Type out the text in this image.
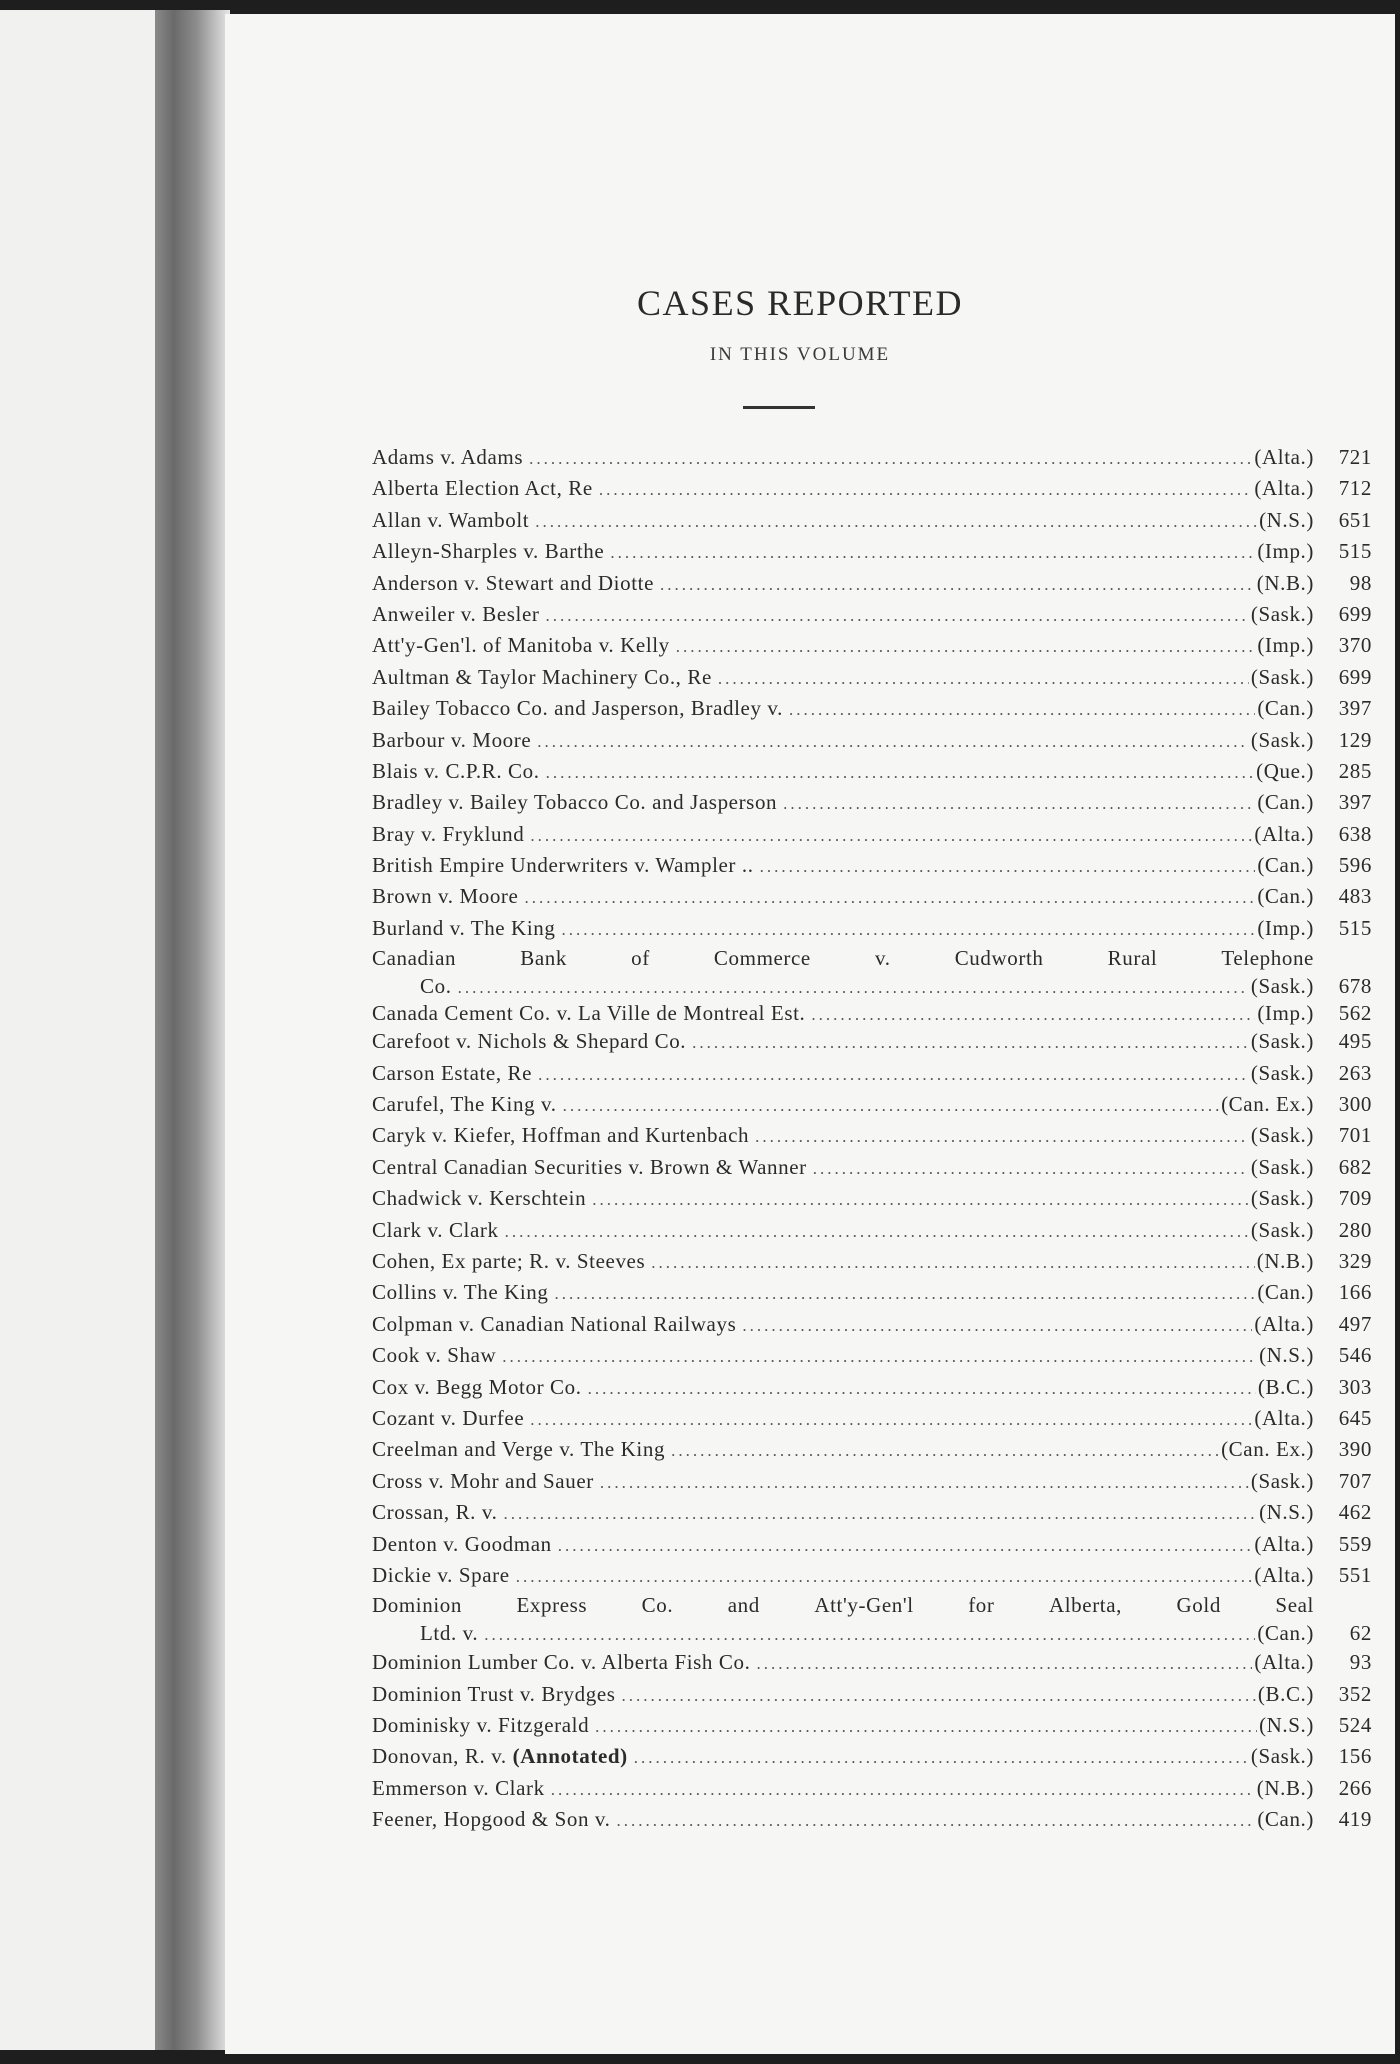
CASES REPORTED
IN THIS VOLUME
Adams v. Adams .....	(Alta.)	721
Alberta Election Act, Re .....	(Alta.)	712
Allan v. Wambolt .....	(N.S.)	651
Alleyn-Sharples v. Barthe .....	(Imp.)	515
Anderson v. Stewart and Diotte .....	(N.B.)	98
Anweiler v. Besler .....	(Sask.)	699
Att'y-Gen'l. of Manitoba v. Kelly .....	(Imp.)	370
Aultman & Taylor Machinery Co., Re .....	(Sask.)	699
Bailey Tobacco Co. and Jasperson, Bradley v. .....	(Can.)	397
Barbour v. Moore .....	(Sask.)	129
Blais v. C.P.R. Co. .....	(Que.)	285
Bradley v. Bailey Tobacco Co. and Jasperson .....	(Can.)	397
Bray v. Fryklund .....	(Alta.)	638
British Empire Underwriters v. Wampler .. .....	(Can.)	596
Brown v. Moore .....	(Can.)	483
Burland v. The King .....	(Imp.)	515
Canadian	Bank	of	Commerce	v.	Cudworth	Rural	Telephone
Co. .....	(Sask.)	678
Canada Cement Co. v. La Ville de Montreal Est. .....	(Imp.)	562
Carefoot v. Nichols & Shepard Co. .....	(Sask.)	495
Carson Estate, Re .....	(Sask.)	263
Carufel, The King v. .....	(Can. Ex.)	300
Caryk v. Kiefer, Hoffman and Kurtenbach .....	(Sask.)	701
Central Canadian Securities v. Brown & Wanner .....	(Sask.)	682
Chadwick v. Kerschtein .....	(Sask.)	709
Clark v. Clark .....	(Sask.)	280
Cohen, Ex parte; R. v. Steeves .....	(N.B.)	329
Collins v. The King .....	(Can.)	166
Colpman v. Canadian National Railways .....	(Alta.)	497
Cook v. Shaw .....	(N.S.)	546
Cox v. Begg Motor Co. .....	(B.C.)	303
Cozant v. Durfee .....	(Alta.)	645
Creelman and Verge v. The King .....	(Can. Ex.)	390
Cross v. Mohr and Sauer .....	(Sask.)	707
Crossan, R. v. .....	(N.S.)	462
Denton v. Goodman .....	(Alta.)	559
Dickie v. Spare .....	(Alta.)	551
Dominion	Express	Co.	and	Att'y-Gen'l	for	Alberta,	Gold	Seal
Ltd. v. .....	(Can.)	62
Dominion Lumber Co. v. Alberta Fish Co. .....	(Alta.)	93
Dominion Trust v. Brydges .....	(B.C.)	352
Dominisky v. Fitzgerald .....	(N.S.)	524
Donovan, R. v. (Annotated) .....	(Sask.)	156
Emmerson v. Clark .....	(N.B.)	266
Feener, Hopgood & Son v. .....	(Can.)	419
